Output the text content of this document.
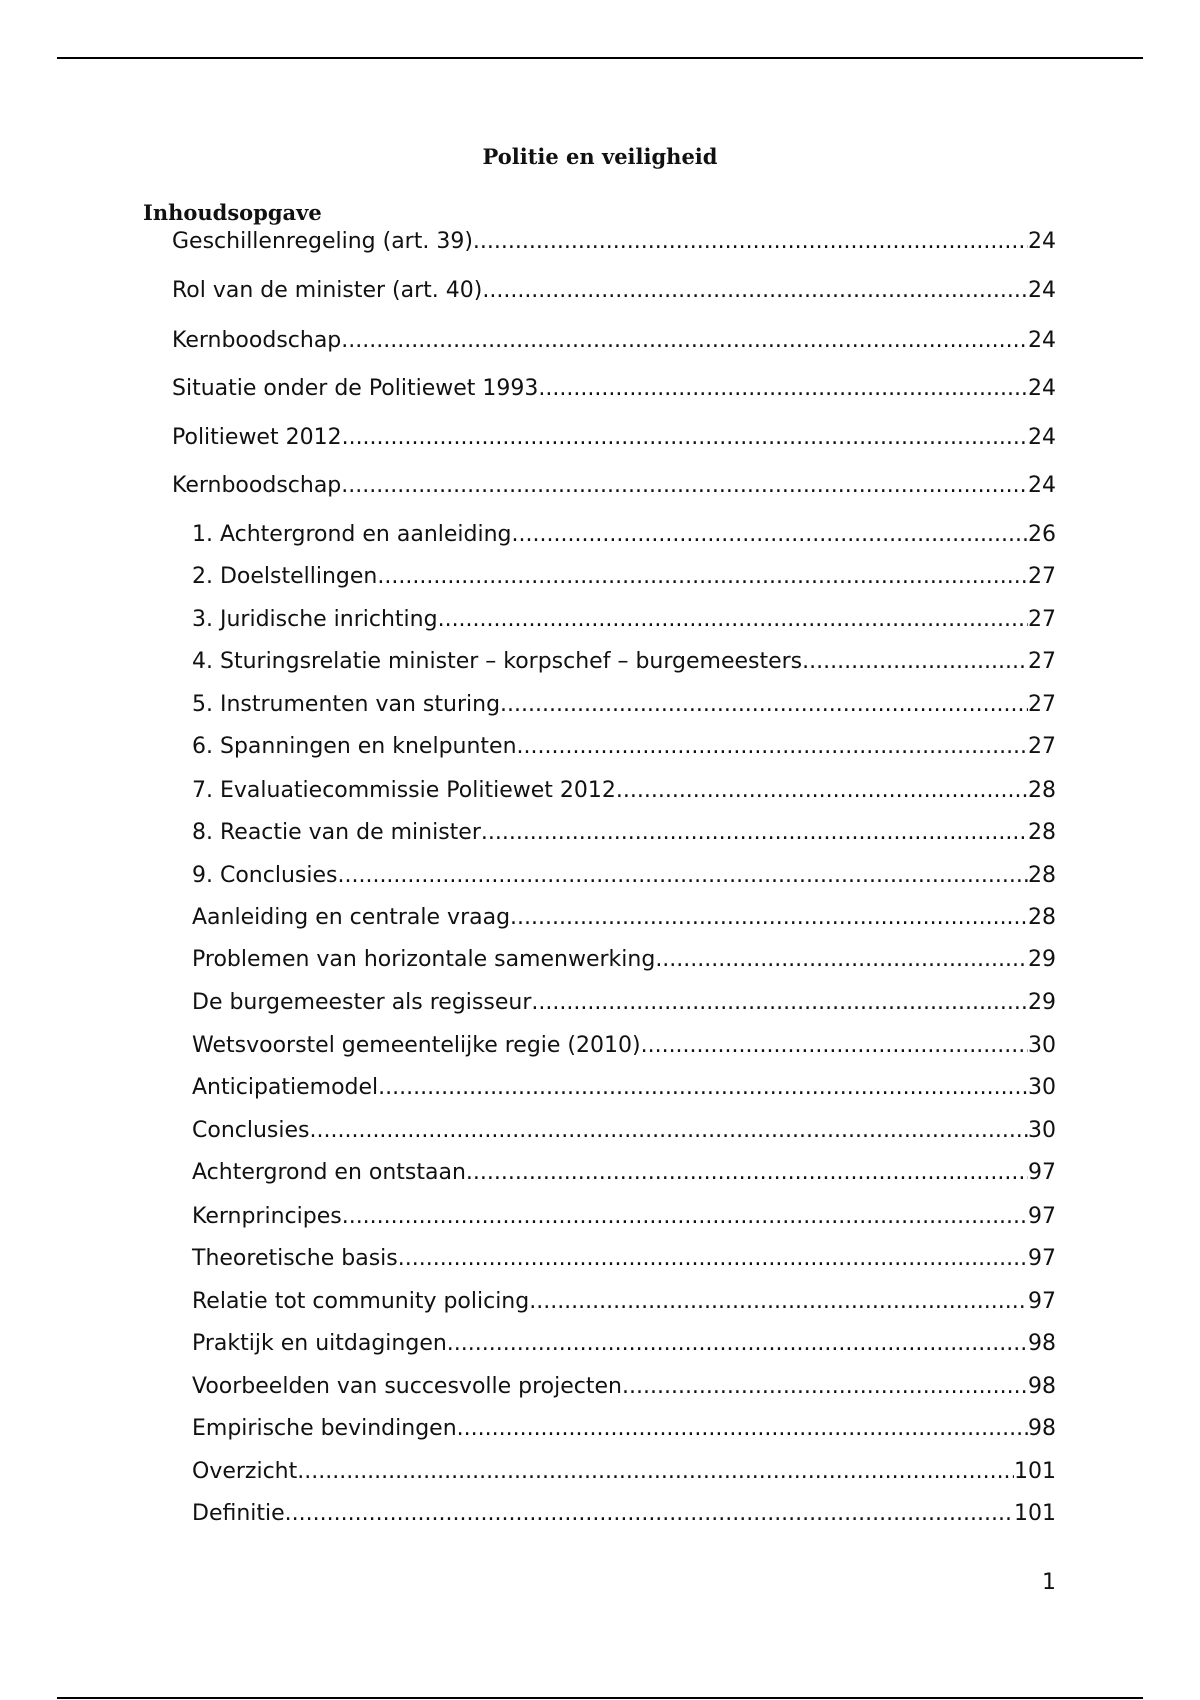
Politie en veiligheid
Inhoudsopgave
Geschillenregeling (art. 39) .....	24
Rol van de minister (art. 40) .....	24
Kernboodschap .....	24
Situatie onder de Politiewet 1993 .....	24
Politiewet 2012 .....	24
Kernboodschap .....	24
1. Achtergrond en aanleiding .....	26
2. Doelstellingen .....	27
3. Juridische inrichting .....	27
4. Sturingsrelatie minister – korpschef – burgemeesters .....	27
5. Instrumenten van sturing .....	27
6. Spanningen en knelpunten .....	27
7. Evaluatiecommissie Politiewet 2012 .....	28
8. Reactie van de minister .....	28
9. Conclusies .....	28
Aanleiding en centrale vraag .....	28
Problemen van horizontale samenwerking .....	29
De burgemeester als regisseur .....	29
Wetsvoorstel gemeentelijke regie (2010) .....	30
Anticipatiemodel .....	30
Conclusies .....	30
Achtergrond en ontstaan .....	97
Kernprincipes .....	97
Theoretische basis .....	97
Relatie tot community policing .....	97
Praktijk en uitdagingen .....	98
Voorbeelden van succesvolle projecten .....	98
Empirische bevindingen .....	98
Overzicht .....	101
Definitie .....	101
1
